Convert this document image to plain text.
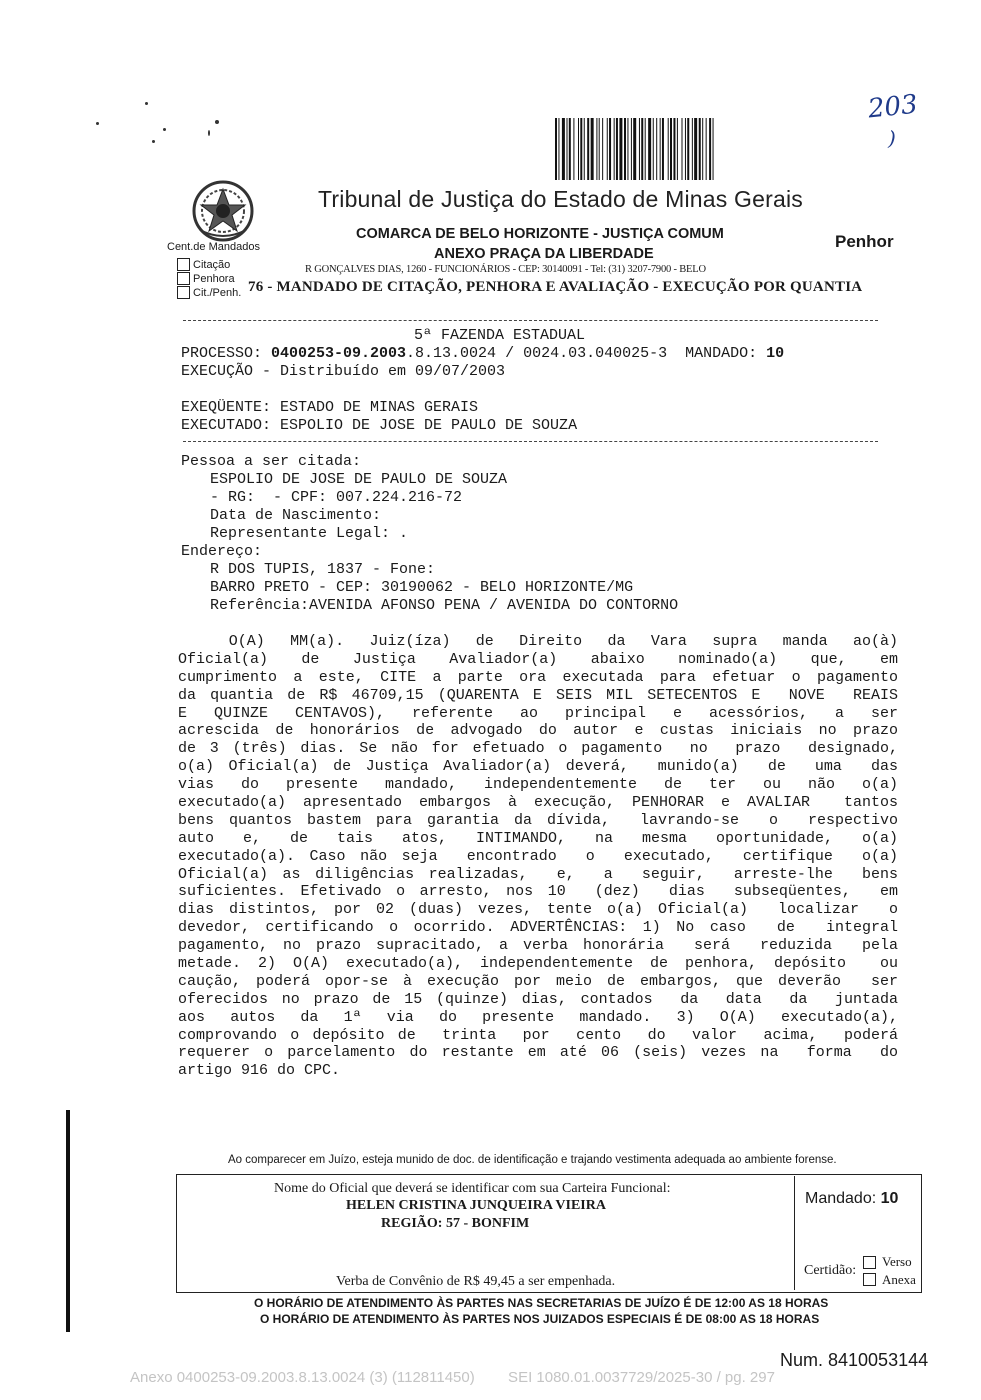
203
)
Tribunal de Justiça do Estado de Minas Gerais
COMARCA DE BELO HORIZONTE - JUSTIÇA COMUM	Penhor
Cent.de Mandados	ANEXO PRAÇA DA LIBERDADE
Citação
Penhora
Cit./Penh.
R GONÇALVES DIAS, 1260 - FUNCIONÁRIOS - CEP: 30140091 - Tel: (31) 3207-7900 - BELO
76 - MANDADO DE CITAÇÃO, PENHORA E AVALIAÇÃO - EXECUÇÃO POR QUANTIA
5ª FAZENDA ESTADUAL
PROCESSO: 0400253-09.2003.8.13.0024 / 0024.03.040025-3  MANDADO: 10
EXECUÇÃO - Distribuído em 09/07/2003
EXEQÜENTE: ESTADO DE MINAS GERAIS
EXECUTADO: ESPOLIO DE JOSE DE PAULO DE SOUZA
Pessoa a ser citada:
ESPOLIO DE JOSE DE PAULO DE SOUZA
- RG:  - CPF: 007.224.216-72
Data de Nascimento:
Representante Legal: .
Endereço:
R DOS TUPIS, 1837 - Fone:
BARRO PRETO - CEP: 30190062 - BELO HORIZONTE/MG
Referência:AVENIDA AFONSO PENA / AVENIDA DO CONTORNO
O(A)  MM(a).  Juiz(íza)  de  Direito  da  Vara  supra  manda  ao(à)
Oficial(a)  de  Justiça  Avaliador(a)  abaixo  nominado(a)  que,  em
cumprimento a este, CITE a parte ora executada para efetuar o pagamento
da quantia de R$ 46709,15 (QUARENTA E SEIS MIL SETECENTOS E  NOVE  REAIS
E  QUINZE  CENTAVOS),  referente  ao  principal  e  acessórios,  a  ser
acrescida de honorários de advogado do autor e custas iniciais no prazo
de 3 (três) dias. Se não for efetuado o pagamento  no  prazo  designado,
o(a) Oficial(a) de Justiça Avaliador(a) deverá,  munido(a)  de  uma  das
vias  do  presente  mandado,  independentemente  de  ter  ou  não  o(a)
executado(a) apresentado embargos à execução, PENHORAR e AVALIAR  tantos
bens quantos bastem para garantia da dívida,  lavrando-se  o  respectivo
auto  e,  de  tais  atos,  INTIMANDO,  na  mesma  oportunidade,  o(a)
executado(a). Caso não seja  encontrado  o  executado,  certifique  o(a)
Oficial(a) as diligências realizadas,  e,  a  seguir,  arreste-lhe  bens
suficientes. Efetivado o arresto, nos 10  (dez)  dias  subseqüentes,  em
dias distintos, por 02 (duas) vezes, tente o(a) Oficial(a)  localizar  o
devedor, certificando o ocorrido. ADVERTÊNCIAS: 1) No caso  de  integral
pagamento, no prazo supracitado, a verba honorária  será  reduzida  pela
metade. 2) O(A) executado(a), independentemente de penhora, depósito  ou
caução, poderá opor-se à execução por meio de embargos, que deverão  ser
oferecidos no prazo de 15 (quinze) dias, contados  da  data  da  juntada
aos  autos  da  1ª  via  do  presente  mandado.  3)  O(A)  executado(a),
comprovando o depósito de  trinta  por  cento  do  valor  acima,  poderá
requerer o parcelamento do restante em até 06 (seis) vezes na  forma  do
artigo 916 do CPC.
Ao comparecer em Juízo, esteja munido de doc. de identificação e trajando vestimenta adequada ao ambiente forense.
Nome do Oficial que deverá se identificar com sua Carteira Funcional:
HELEN CRISTINA JUNQUEIRA VIEIRA
REGIÃO: 57 - BONFIM
Mandado: 10
Verba de Convênio de R$ 49,45 a ser empenhada.
Certidão:
Verso
Anexa
O HORÁRIO DE ATENDIMENTO ÀS PARTES NAS SECRETARIAS DE JUÍZO É DE 12:00 AS 18 HORAS
O HORÁRIO DE ATENDIMENTO ÀS PARTES NOS JUIZADOS ESPECIAIS É DE 08:00 AS 18 HORAS
Num. 8410053144
Anexo 0400253-09.2003.8.13.0024 (3) (112811450)        SEI 1080.01.0037729/2025-30 / pg. 297
